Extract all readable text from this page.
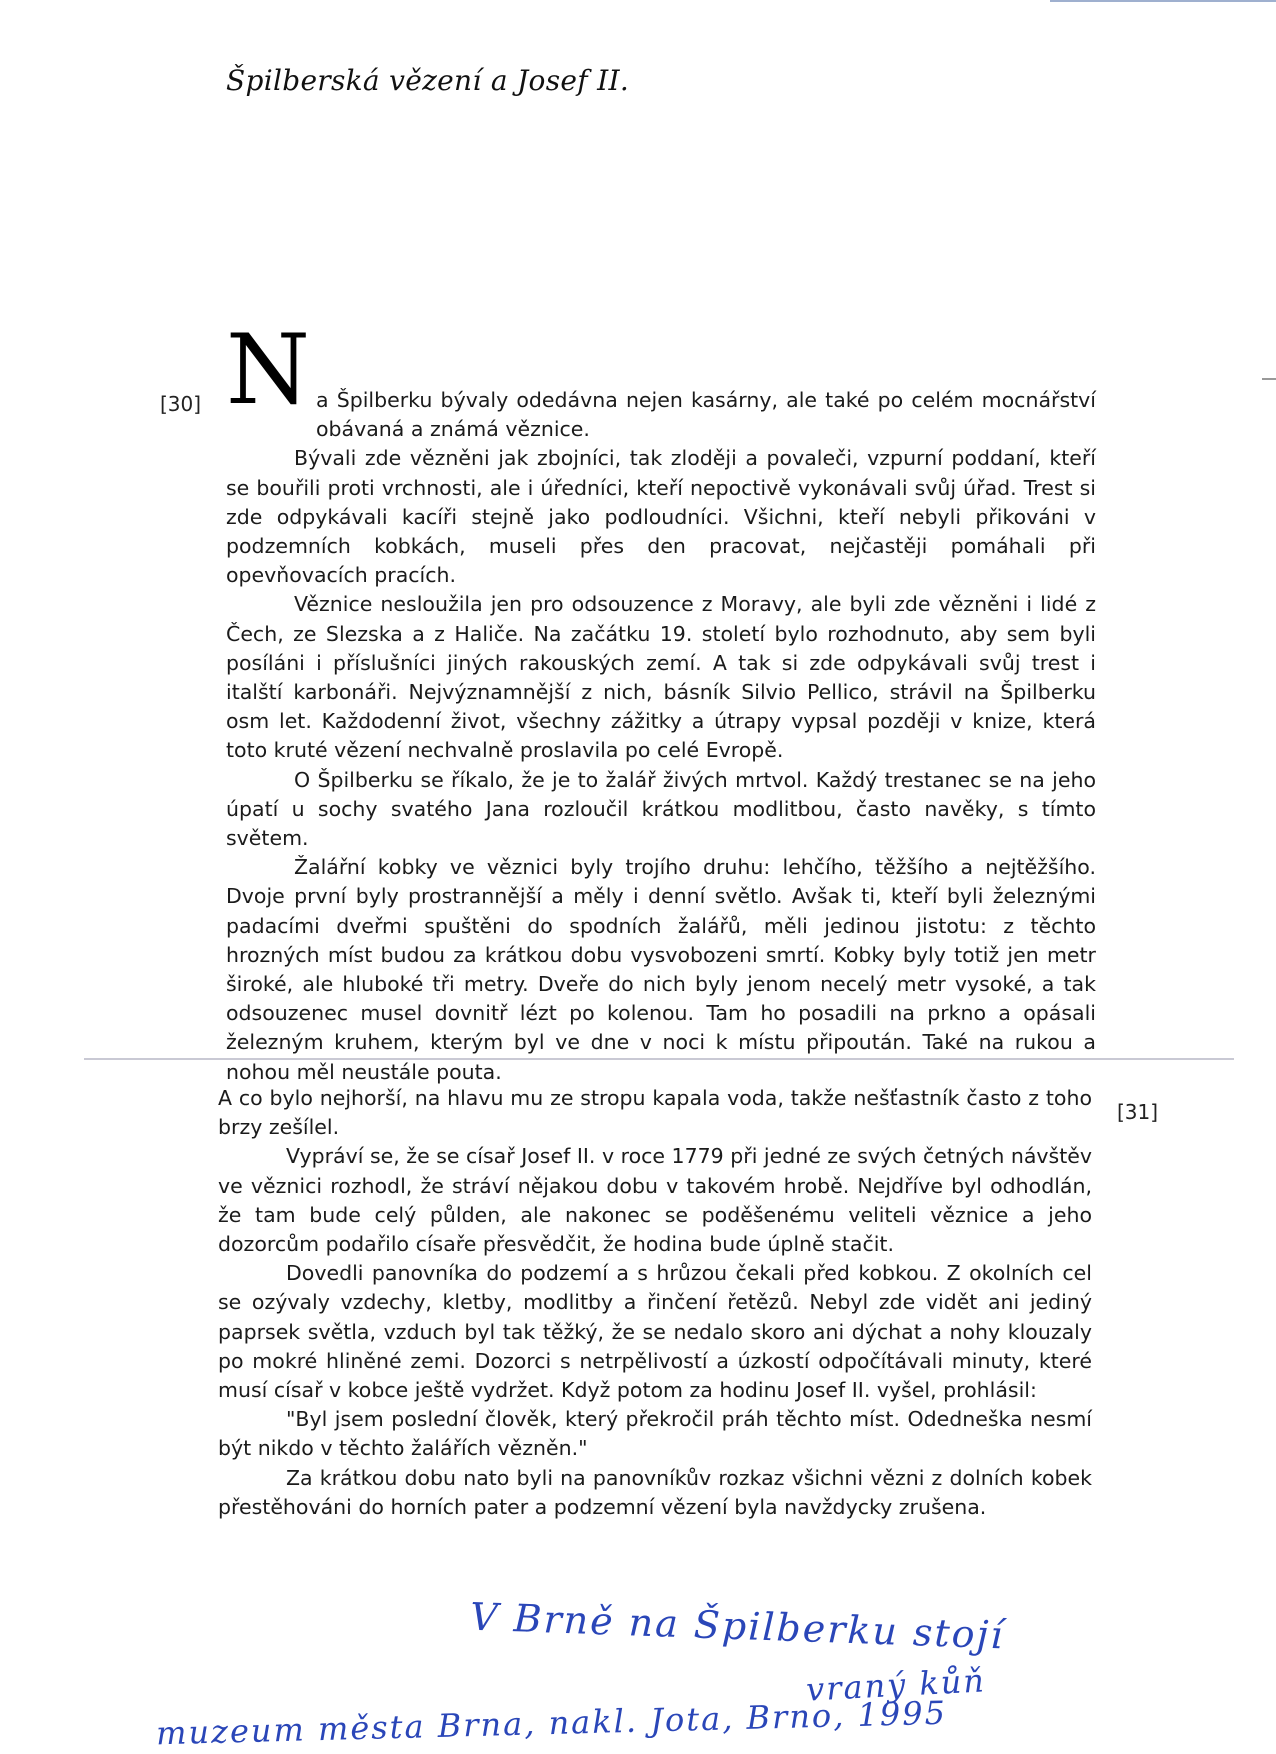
Špilberská vězení a Josef II.
[30] N a Špilberku bývaly odedávna nejen kasárny, ale také po celém mocnářství obávaná a známá věznice.

Bývali zde vězněni jak zbojníci, tak zloději a povaleči, vzpurní poddaní, kteří se bouřili proti vrchnosti, ale i úředníci, kteří nepoctivě vykonávali svůj úřad. Trest si zde odpykávali kacíři stejně jako podloudníci. Všichni, kteří nebyli přikováni v podzemních kobkách, museli přes den pracovat, nejčastěji pomáhali při opevňovacích pracích.

Věznice nesloužila jen pro odsouzence z Moravy, ale byli zde vězněni i lidé z Čech, ze Slezska a z Haliče. Na začátku 19. století bylo rozhodnuto, aby sem byli posíláni i příslušníci jiných rakouských zemí. A tak si zde odpykávali svůj trest i italští karbonáři. Nejvýznamnější z nich, básník Silvio Pellico, strávil na Špilberku osm let. Každodenní život, všechny zážitky a útrapy vypsal později v knize, která toto kruté vězení nechvalně proslavila po celé Evropě.

O Špilberku se říkalo, že je to žalář živých mrtvol. Každý trestanec se na jeho úpatí u sochy svatého Jana rozloučil krátkou modlitbou, často navěky, s tímto světem.

Žalářní kobky ve věznici byly trojího druhu: lehčího, těžšího a nejtěžšího. Dvoje první byly prostrannější a měly i denní světlo. Avšak ti, kteří byli železnými padacími dveřmi spuštěni do spodních žalářů, měli jedinou jistotu: z těchto hrozných míst budou za krátkou dobu vysvobozeni smrtí. Kobky byly totiž jen metr široké, ale hluboké tři metry. Dveře do nich byly jenom necelý metr vysoké, a tak odsouzenec musel dovnitř lézt po kolenou. Tam ho posadili na prkno a opásali železným kruhem, kterým byl ve dne v noci k místu připoután. Také na rukou a nohou měl neustále pouta.

[31]

A co bylo nejhorší, na hlavu mu ze stropu kapala voda, takže nešťastník často z toho brzy zešílel.

Vypráví se, že se císař Josef II. v roce 1779 při jedné ze svých četných návštěv ve věznici rozhodl, že stráví nějakou dobu v takovém hrobě. Nejdříve byl odhodlán, že tam bude celý půlden, ale nakonec se poděšenému veliteli věznice a jeho dozorcům podařilo císaře přesvědčit, že hodina bude úplně stačit.

Dovedli panovníka do podzemí a s hrůzou čekali před kobkou. Z okolních cel se ozývaly vzdechy, kletby, modlitby a řinčení řetězů. Nebyl zde vidět ani jediný paprsek světla, vzduch byl tak těžký, že se nedalo skoro ani dýchat a nohy klouzaly po mokré hliněné zemi. Dozorci s netrpělivostí a úzkostí odpočítávali minuty, které musí císař v kobce ještě vydržet. Když potom za hodinu Josef II. vyšel, prohlásil:

"Byl jsem poslední člověk, který překročil práh těchto míst. Odedneška nesmí být nikdo v těchto žalářích vězněn."

Za krátkou dobu nato byli na panovníkův rozkaz všichni vězni z dolních kobek přestěhováni do horních pater a podzemní vězení byla navždycky zrušena.

V Brně na Špilberku stojí
vraný kůň
muzeum města Brna, nakl. Jota, Brno, 1995
